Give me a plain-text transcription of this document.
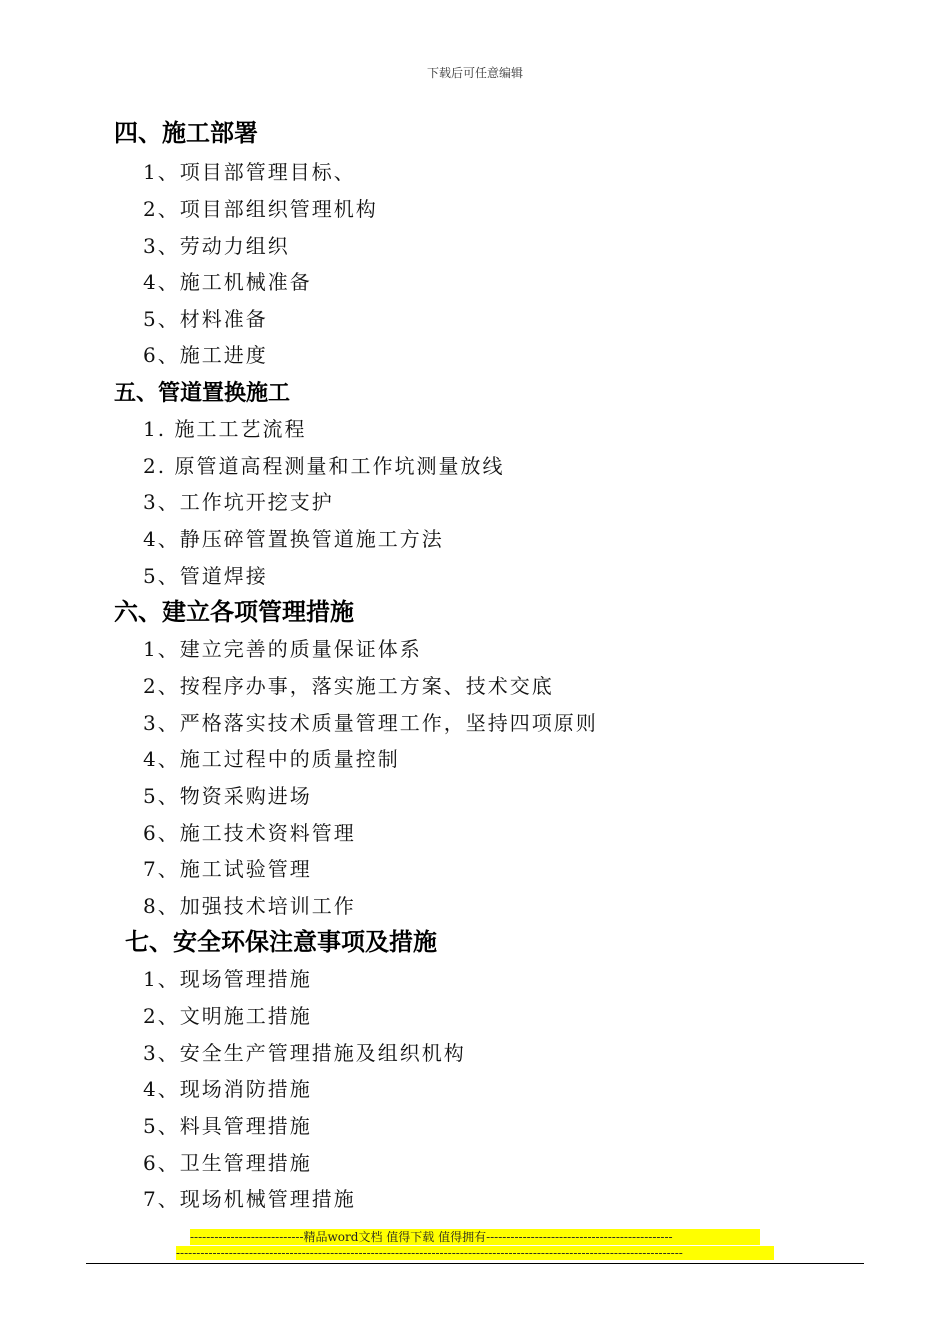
下载后可任意编辑
四、施工部署
1、项目部管理目标、
2、项目部组织管理机构
3、劳动力组织
4、施工机械准备
5、材料准备
6、施工进度
五、管道置换施工
1. 施工工艺流程
2. 原管道高程测量和工作坑测量放线
3、工作坑开挖支护
4、静压碎管置换管道施工方法
5、管道焊接
六、建立各项管理措施
1、建立完善的质量保证体系
2、按程序办事，落实施工方案、技术交底
3、严格落实技术质量管理工作，坚持四项原则
4、施工过程中的质量控制
5、物资采购进场
6、施工技术资料管理
7、施工试验管理
8、加强技术培训工作
七、安全环保注意事项及措施
1、现场管理措施
2、文明施工措施
3、安全生产管理措施及组织机构
4、现场消防措施
5、料具管理措施
6、卫生管理措施
7、现场机械管理措施
----------------------------精品word文档 值得下载 值得拥有----------------------------------------------
-----------------------------------------------------------------------------------------------------------------------------
